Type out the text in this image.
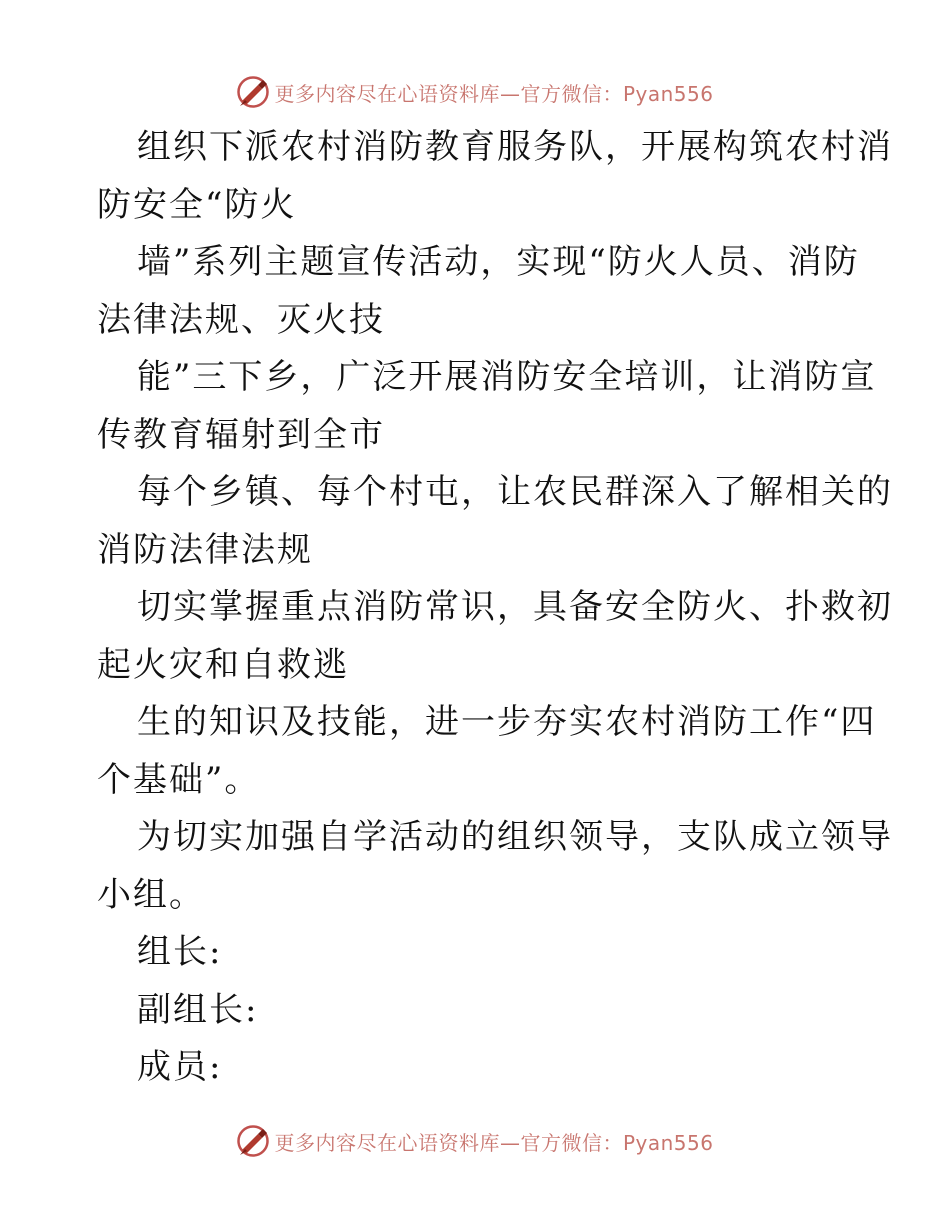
更多内容尽在心语资料库—官方微信：Pyan556
组织下派农村消防教育服务队，开展构筑农村消
防安全“防火
墙”系列主题宣传活动，实现“防火人员、消防
法律法规、灭火技
能”三下乡，广泛开展消防安全培训，让消防宣
传教育辐射到全市
每个乡镇、每个村屯，让农民群深入了解相关的
消防法律法规
切实掌握重点消防常识，具备安全防火、扑救初
起火灾和自救逃
生的知识及技能，进一步夯实农村消防工作“四
个基础”。
为切实加强自学活动的组织领导，支队成立领导
小组。
组长:
副组长:
成员:
更多内容尽在心语资料库—官方微信：Pyan556
